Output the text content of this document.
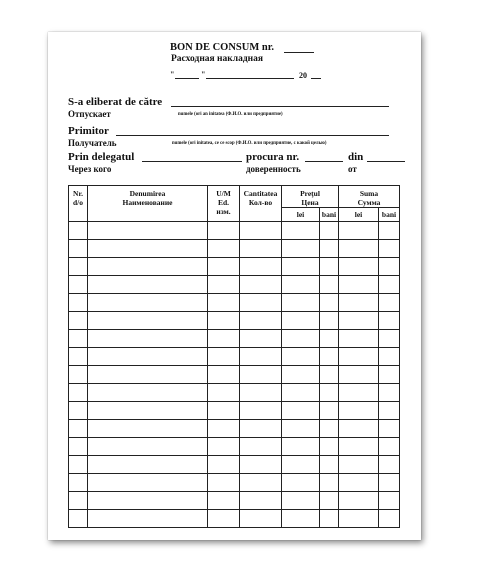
BON DE CONSUM nr.
Расходная накладная
"	"	20
S-a eliberat de către
Отпускает	numele (ori an initatea (Ф.И.О. или предприятие)
Primitor
Получатель	numele (ori initatea, ce ce scop (Ф.И.О. или предприятие, с какой целью)
Prin delegatul	procura nr.	din
Через кого	доверенность	от
Nr. d/o	Denumirea Наименование	U/M Ed. изм.	Cantitatea Кол-во	Preţul Цена		Suma Сумма	
				lei	bani	lei	bani
